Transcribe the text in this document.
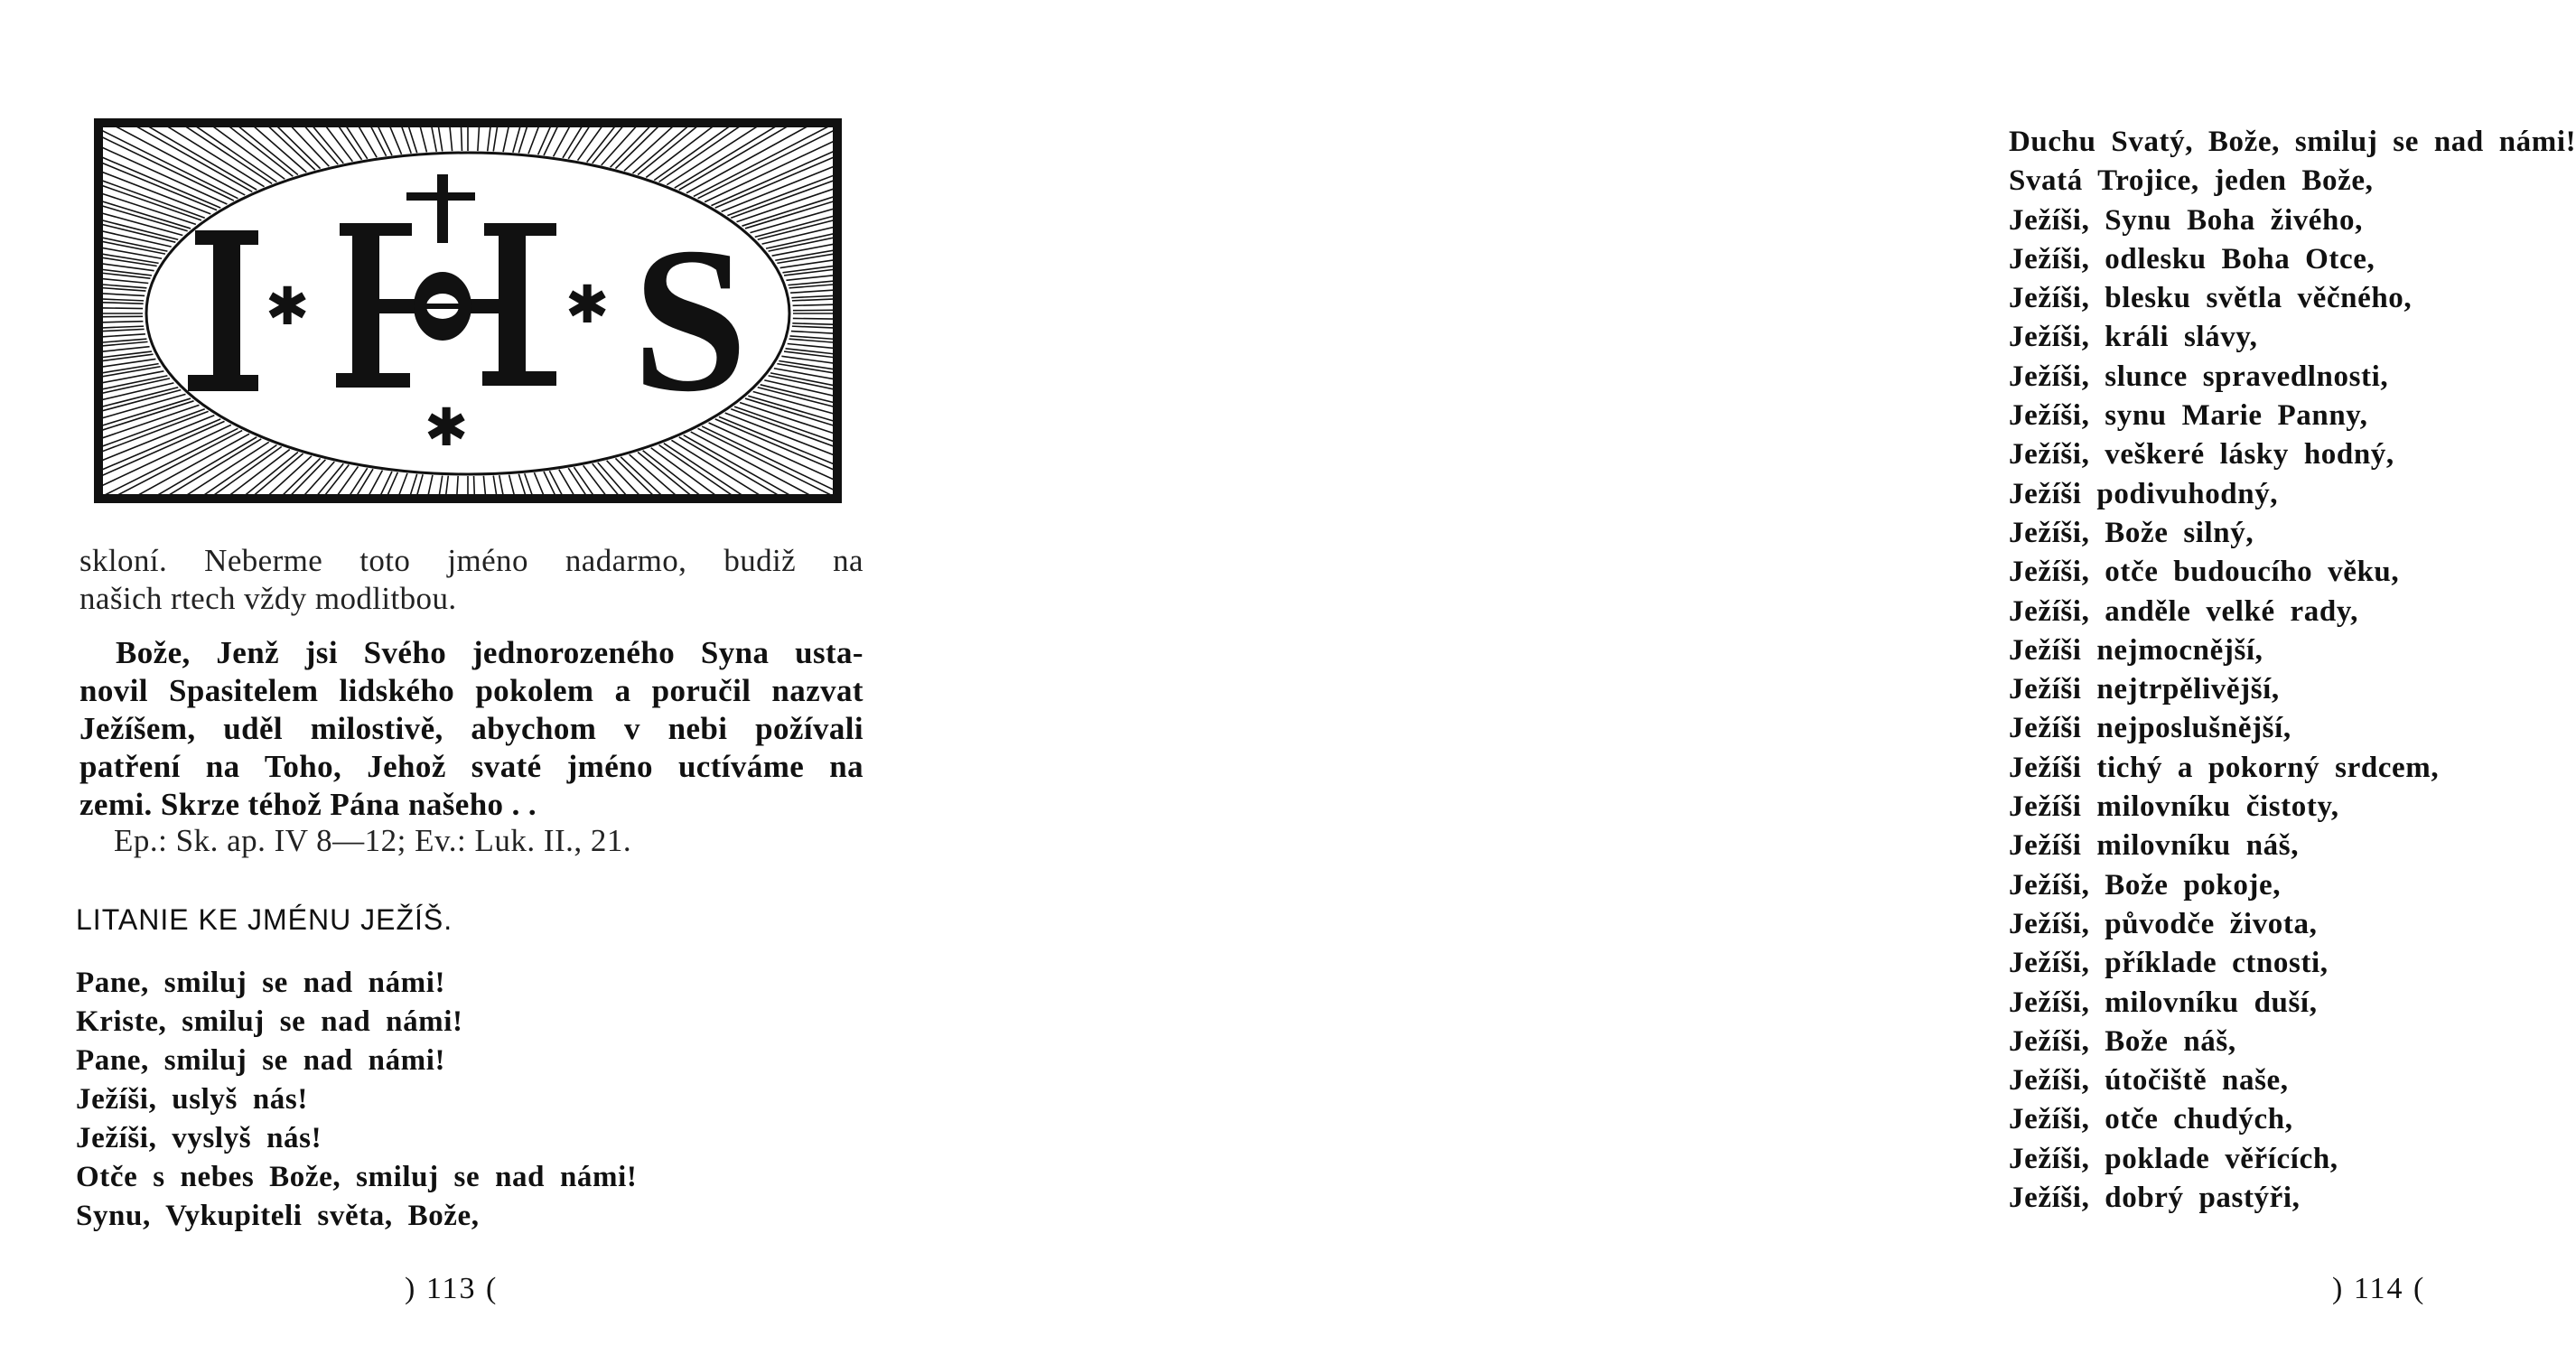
✱	✱
✱ S
skloní. Neberme toto jméno nadarmo, budiž na
našich rtech vždy modlitbou.
Bože, Jenž jsi Svého jednorozeného Syna usta-
novil Spasitelem lidského pokolem a poručil nazvat
Ježíšem, uděl milostivě, abychom v nebi požívali
patření na Toho, Jehož svaté jméno uctíváme na
zemi. Skrze téhož Pána našeho . .
Ep.: Sk. ap. IV 8—12; Ev.: Luk. II., 21.
LITANIE KE JMÉNU JEŽÍŠ.
Pane, smiluj se nad námi!
Kriste, smiluj se nad námi!
Pane, smiluj se nad námi!
Ježíši, uslyš nás!
Ježíši, vyslyš nás!
Otče s nebes Bože, smiluj se nad námi!
Synu, Vykupiteli světa, Bože,
) 113 (
Duchu Svatý, Bože, smiluj se nad námi!
Svatá Trojice, jeden Bože,
Ježíši, Synu Boha živého,
Ježíši, odlesku Boha Otce,
Ježíši, blesku světla věčného,
Ježíši, králi slávy,
Ježíši, slunce spravedlnosti,
Ježíši, synu Marie Panny,
Ježíši, veškeré lásky hodný,
Ježíši podivuhodný,
Ježíši, Bože silný,
Ježíši, otče budoucího věku,
Ježíši, anděle velké rady,
Ježíši nejmocnější,
Ježíši nejtrpělivější,
Ježíši nejposlušnější,
Ježíši tichý a pokorný srdcem,
Ježíši milovníku čistoty,
Ježíši milovníku náš,
Ježíši, Bože pokoje,
Ježíši, původče života,
Ježíši, příklade ctnosti,
Ježíši, milovníku duší,
Ježíši, Bože náš,
Ježíši, útočiště naše,
Ježíši, otče chudých,
Ježíši, poklade věřících,
Ježíši, dobrý pastýři,
) 114 (
